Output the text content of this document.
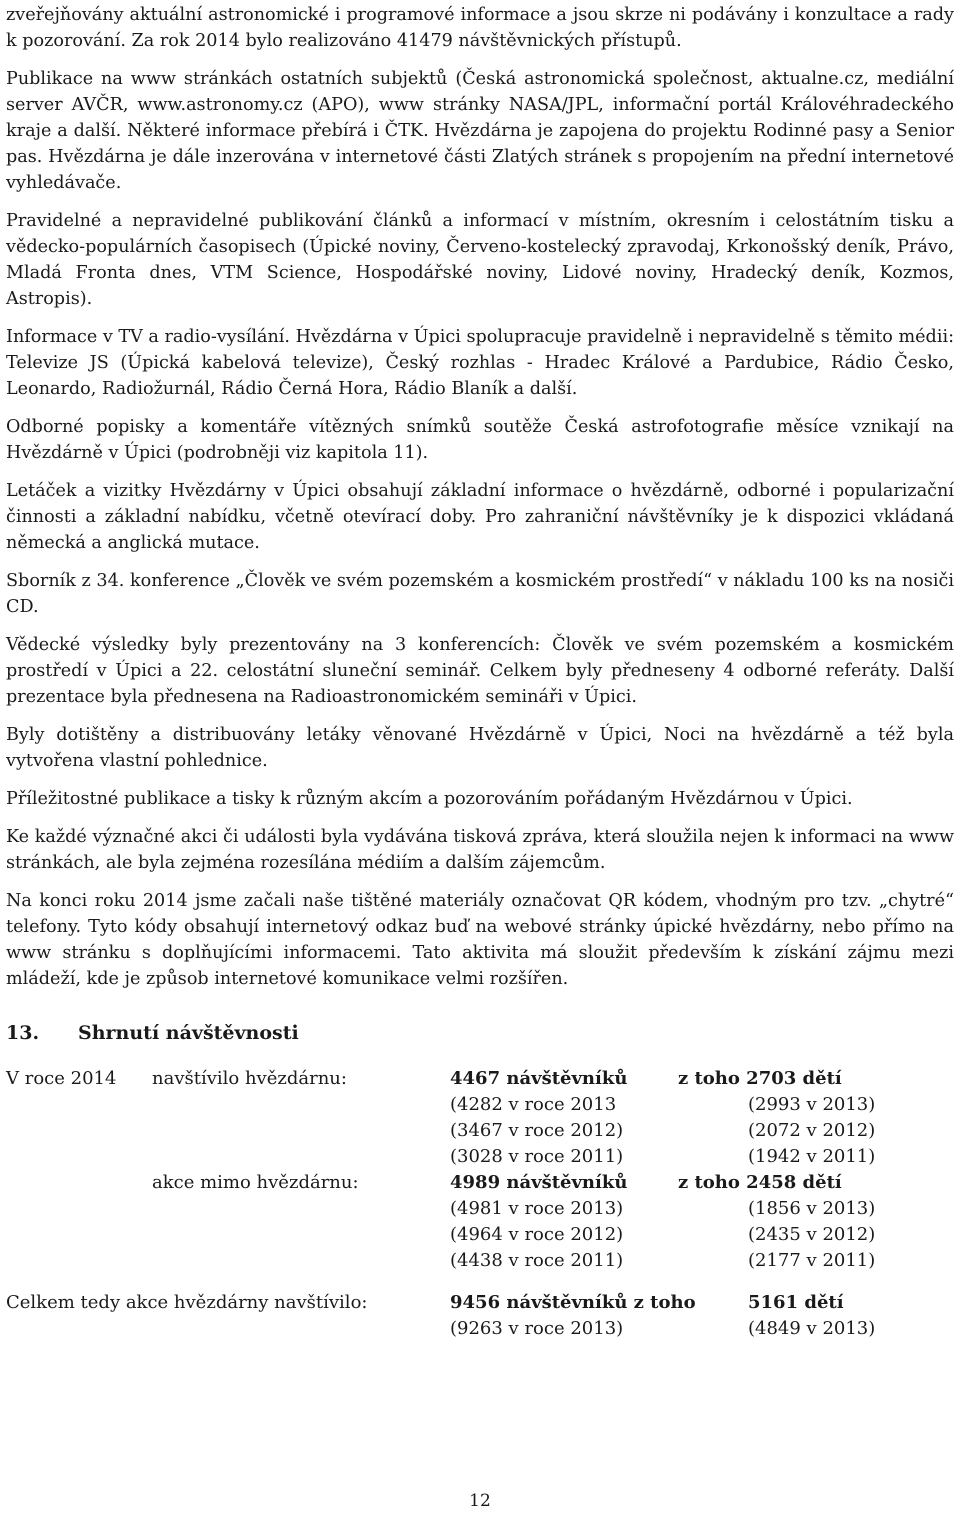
zveřejňovány aktuální astronomické i programové informace a jsou skrze ni podávány i konzultace a rady k pozorování. Za rok 2014 bylo realizováno 41479 návštěvnických přístupů.

Publikace na www stránkách ostatních subjektů (Česká astronomická společnost, aktualne.cz, mediální server AVČR, www.astronomy.cz (APO), www stránky NASA/JPL, informační portál Královéhradeckého kraje a další. Některé informace přebírá i ČTK. Hvězdárna je zapojena do projektu Rodinné pasy a Senior pas. Hvězdárna je dále inzerována v internetové části Zlatých stránek s propojením na přední internetové vyhledávače.

Pravidelné a nepravidelné publikování článků a informací v místním, okresním i celostátním tisku a vědecko-populárních časopisech (Úpické noviny, Červeno-kostelecký zpravodaj, Krkonošský deník, Právo, Mladá Fronta dnes, VTM Science, Hospodářské noviny, Lidové noviny, Hradecký deník, Kozmos, Astropis).

Informace v TV a radio-vysílání. Hvězdárna v Úpici spolupracuje pravidelně i nepravidelně s těmito médii: Televize JS (Úpická kabelová televize), Český rozhlas - Hradec Králové a Pardubice, Rádio Česko, Leonardo, Radiožurnál, Rádio Černá Hora, Rádio Blaník a další.

Odborné popisky a komentáře vítězných snímků soutěže Česká astrofotografie měsíce vznikají na Hvězdárně v Úpici (podrobněji viz kapitola 11).

Letáček a vizitky Hvězdárny v Úpici obsahují základní informace o hvězdárně, odborné i popularizační činnosti a základní nabídku, včetně otevírací doby. Pro zahraniční návštěvníky je k dispozici vkládaná německá a anglická mutace.

Sborník z 34. konference „Člověk ve svém pozemském a kosmickém prostředí“ v nákladu 100 ks na nosiči CD.

Vědecké výsledky byly prezentovány na 3 konferencích: Člověk ve svém pozemském a kosmickém prostředí v Úpici a 22. celostátní sluneční seminář. Celkem byly předneseny 4 odborné referáty. Další prezentace byla přednesena na Radioastronomickém semináři v Úpici.

Byly dotištěny a distribuovány letáky věnované Hvězdárně v Úpici, Noci na hvězdárně a též byla vytvořena vlastní pohlednice.

Příležitostné publikace a tisky k různým akcím a pozorováním pořádaným Hvězdárnou v Úpici.

Ke každé význačné akci či události byla vydávána tisková zpráva, která sloužila nejen k informaci na www stránkách, ale byla zejména rozesílána médiím a dalším zájemcům.

Na konci roku 2014 jsme začali naše tištěné materiály označovat QR kódem, vhodným pro tzv. „chytré“ telefony. Tyto kódy obsahují internetový odkaz buď na webové stránky úpické hvězdárny, nebo přímo na www stránku s doplňujícími informacemi. Tato aktivita má sloužit především k získání zájmu mezi mládeží, kde je způsob internetové komunikace velmi rozšířen.

13.	Shrnutí návštěvnosti
V roce 2014 navštívilo hvězdárnu:	4467 návštěvníků	z toho 2703 dětí
(4282 v roce 2013	(2993 v 2013)
(3467 v roce 2012)	(2072 v 2012)
(3028 v roce 2011)	(1942 v 2011)
akce mimo hvězdárnu:	4989 návštěvníků	z toho 2458 dětí
(4981 v roce 2013)	(1856 v 2013)
(4964 v roce 2012)	(2435 v 2012)
(4438 v roce 2011)	(2177 v 2011)
Celkem tedy akce hvězdárny navštívilo:	9456 návštěvníků z toho	5161 dětí
(9263 v roce 2013)	(4849 v 2013)
12
